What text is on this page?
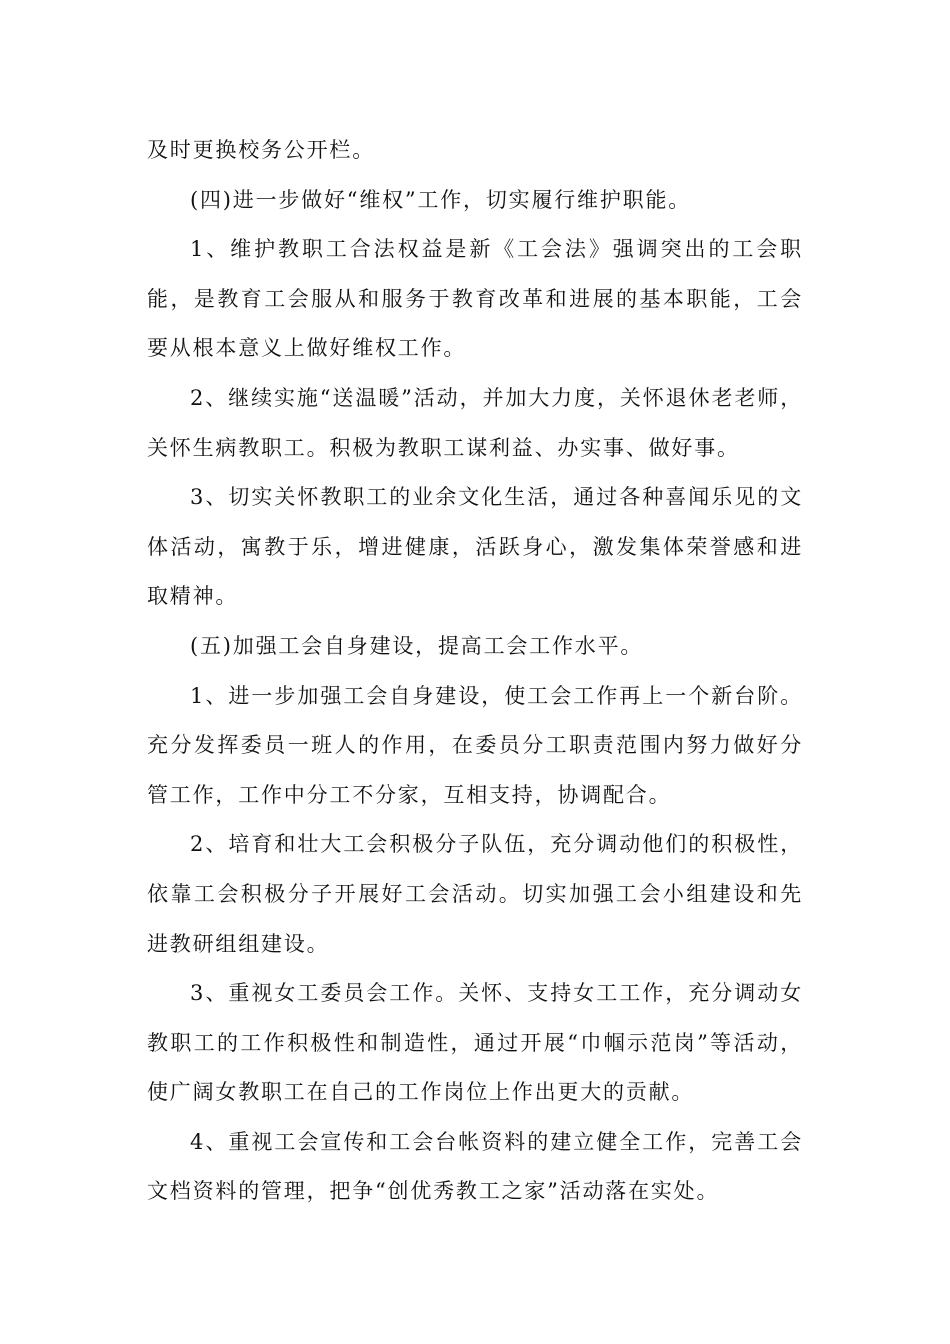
及时更换校务公开栏。

(四)进一步做好“维权”工作，切实履行维护职能。

1、维护教职工合法权益是新《工会法》强调突出的工会职能，是教育工会服从和服务于教育改革和进展的基本职能，工会要从根本意义上做好维权工作。

2、继续实施“送温暖”活动，并加大力度，关怀退休老老师，关怀生病教职工。积极为教职工谋利益、办实事、做好事。

3、切实关怀教职工的业余文化生活，通过各种喜闻乐见的文体活动，寓教于乐，增进健康，活跃身心，激发集体荣誉感和进取精神。

(五)加强工会自身建设，提高工会工作水平。

1、进一步加强工会自身建设，使工会工作再上一个新台阶。充分发挥委员一班人的作用，在委员分工职责范围内努力做好分管工作，工作中分工不分家，互相支持，协调配合。

2、培育和壮大工会积极分子队伍，充分调动他们的积极性，依靠工会积极分子开展好工会活动。切实加强工会小组建设和先进教研组组建设。

3、重视女工委员会工作。关怀、支持女工工作，充分调动女教职工的工作积极性和制造性，通过开展“巾帼示范岗”等活动，使广阔女教职工在自己的工作岗位上作出更大的贡献。

4、重视工会宣传和工会台帐资料的建立健全工作，完善工会文档资料的管理，把争“创优秀教工之家”活动落在实处。
